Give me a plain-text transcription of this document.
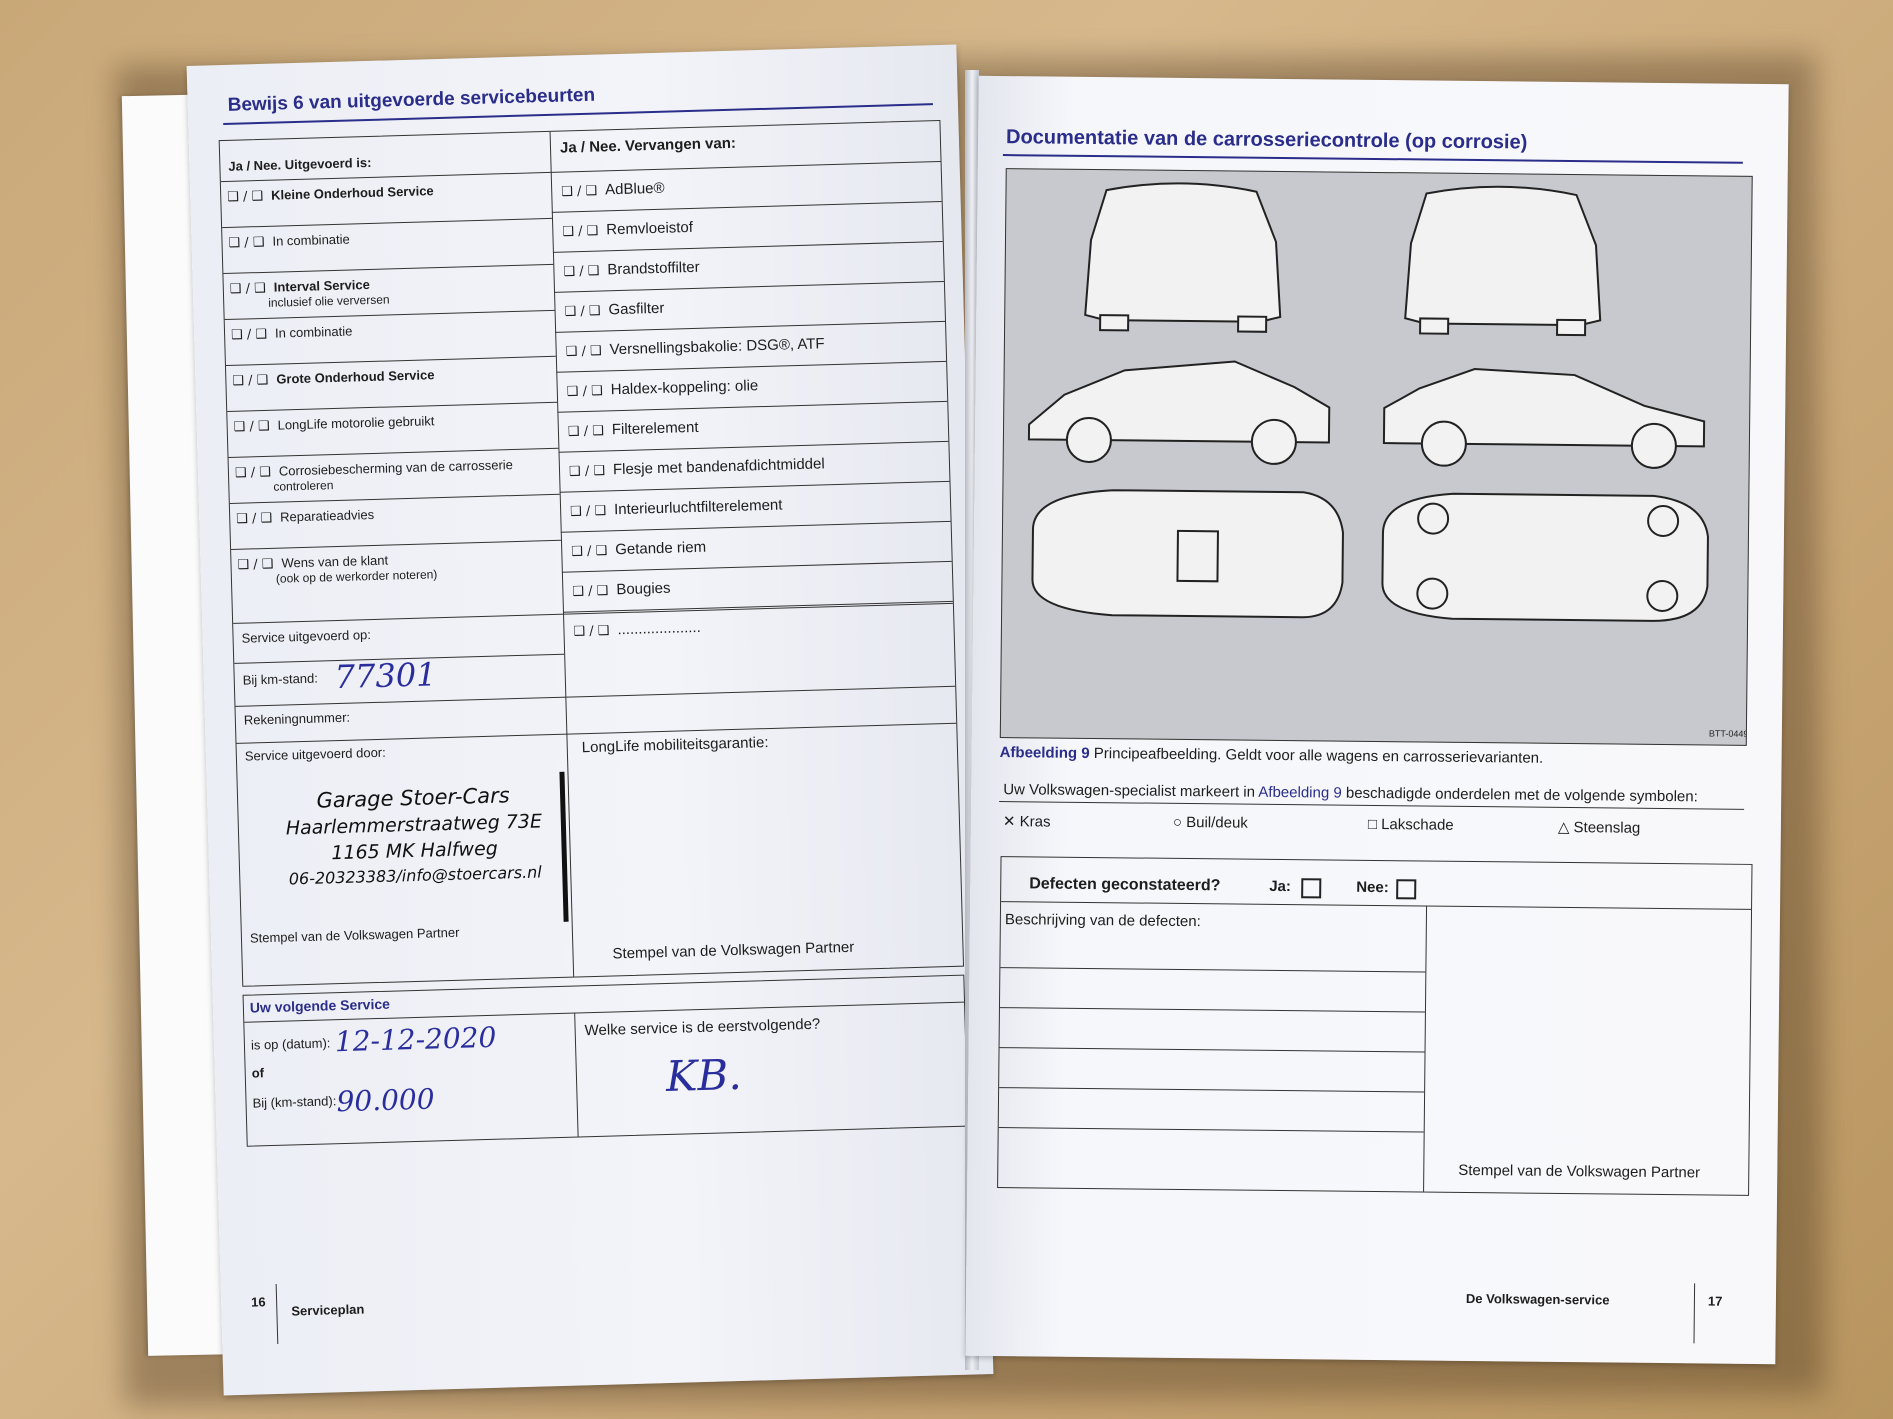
Bewijs 6 van uitgevoerde servicebeurten
Ja / Nee. Uitgevoerd is:
Ja / Nee. Vervangen van:
❑ / ❑ Kleine Onderhoud Service
❑ / ❑ In combinatie
❑ / ❑ Interval Service
inclusief olie verversen
❑ / ❑ In combinatie
❑ / ❑ Grote Onderhoud Service
❑ / ❑ LongLife motorolie gebruikt
❑ / ❑ Corrosiebescherming van de carrosserie
controleren
❑ / ❑ Reparatieadvies
❑ / ❑ Wens van de klant
(ook op de werkorder noteren)
❑ / ❑ AdBlue®
❑ / ❑ Remvloeistof
❑ / ❑ Brandstoffilter
❑ / ❑ Gasfilter
❑ / ❑ Versnellingsbakolie: DSG®, ATF
❑ / ❑ Haldex-koppeling: olie
❑ / ❑ Filterelement
❑ / ❑ Flesje met bandenafdichtmiddel
❑ / ❑ Interieurluchtfilterelement
❑ / ❑ Getande riem
❑ / ❑ Bougies
❑ / ❑ ....................
Service uitgevoerd op:
Bij km-stand: 77301
Rekeningnummer:
Service uitgevoerd door:	LongLife mobiliteitsgarantie:
Garage Stoer-Cars
Haarlemmerstraatweg 73E
1165 MK Halfweg
06-20323383/info@stoercars.nl
Stempel van de Volkswagen Partner
Stempel van de Volkswagen Partner
Uw volgende Service
is op (datum): 12-12-2020
of
Bij (km-stand): 90.000
Welke service is de eerstvolgende?
KB.
16 Serviceplan
Documentatie van de carrosseriecontrole (op corrosie)
BTT-0449
Afbeelding 9 Principeafbeelding. Geldt voor alle wagens en carrosserievarianten.
Uw Volkswagen-specialist markeert in Afbeelding 9 beschadigde onderdelen met de volgende symbolen:
✕ Kras	○ Buil/deuk	□ Lakschade	△ Steenslag
Defecten geconstateerd?	Ja:	Nee:
Beschrijving van de defecten:
Stempel van de Volkswagen Partner
De Volkswagen-service	17
